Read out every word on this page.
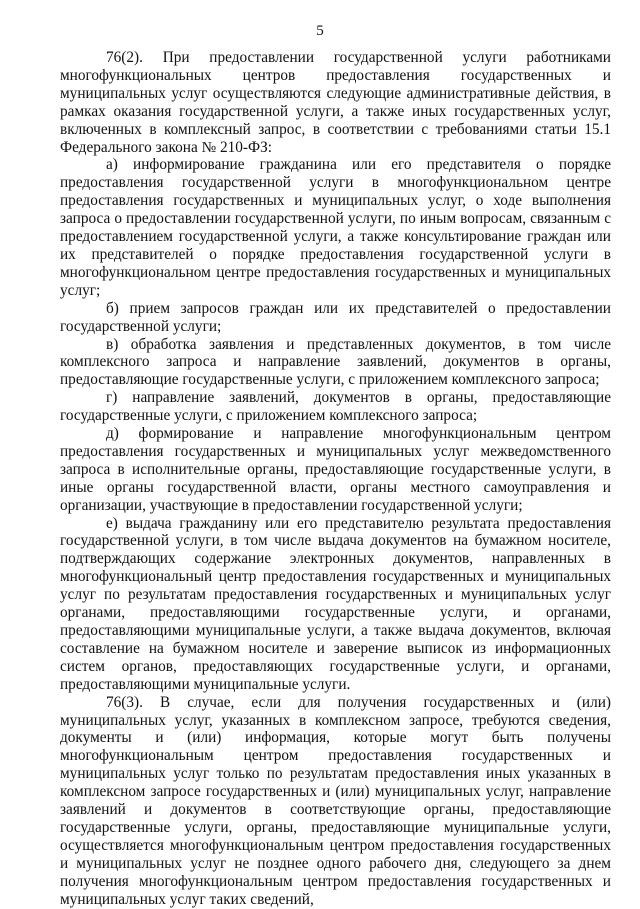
5

76(2). При предоставлении государственной услуги работниками многофункциональных центров предоставления государственных и муниципальных услуг осуществляются следующие административные действия, в рамках оказания государственной услуги, а также иных государственных услуг, включенных в комплексный запрос, в соответствии с требованиями статьи 15.1 Федерального закона № 210-ФЗ:

а) информирование гражданина или его представителя о порядке предоставления государственной услуги в многофункциональном центре предоставления государственных и муниципальных услуг, о ходе выполнения запроса о предоставлении государственной услуги, по иным вопросам, связанным с предоставлением государственной услуги, а также консультирование граждан или их представителей о порядке предоставления государственной услуги в многофункциональном центре предоставления государственных и муниципальных услуг;

б) прием запросов граждан или их представителей о предоставлении государственной услуги;

в) обработка заявления и представленных документов, в том числе комплексного запроса и направление заявлений, документов в органы, предоставляющие государственные услуги, с приложением комплексного запроса;

г) направление заявлений, документов в органы, предоставляющие государственные услуги, с приложением комплексного запроса;

д) формирование и направление многофункциональным центром предоставления государственных и муниципальных услуг межведомственного запроса в исполнительные органы, предоставляющие государственные услуги, в иные органы государственной власти, органы местного самоуправления и организации, участвующие в предоставлении государственной услуги;

е) выдача гражданину или его представителю результата предоставления государственной услуги, в том числе выдача документов на бумажном носителе, подтверждающих содержание электронных документов, направленных в многофункциональный центр предоставления государственных и муниципальных услуг по результатам предоставления государственных и муниципальных услуг органами, предоставляющими государственные услуги, и органами, предоставляющими муниципальные услуги, а также выдача документов, включая составление на бумажном носителе и заверение выписок из информационных систем органов, предоставляющих государственные услуги, и органами, предоставляющими муниципальные услуги.

76(3). В случае, если для получения государственных и (или) муниципальных услуг, указанных в комплексном запросе, требуются сведения, документы и (или) информация, которые могут быть получены многофункциональным центром предоставления государственных и муниципальных услуг только по результатам предоставления иных указанных в комплексном запросе государственных и (или) муниципальных услуг, направление заявлений и документов в соответствующие органы, предоставляющие государственные услуги, органы, предоставляющие муниципальные услуги, осуществляется многофункциональным центром предоставления государственных и муниципальных услуг не позднее одного рабочего дня, следующего за днем получения многофункциональным центром предоставления государственных и муниципальных услуг таких сведений,
